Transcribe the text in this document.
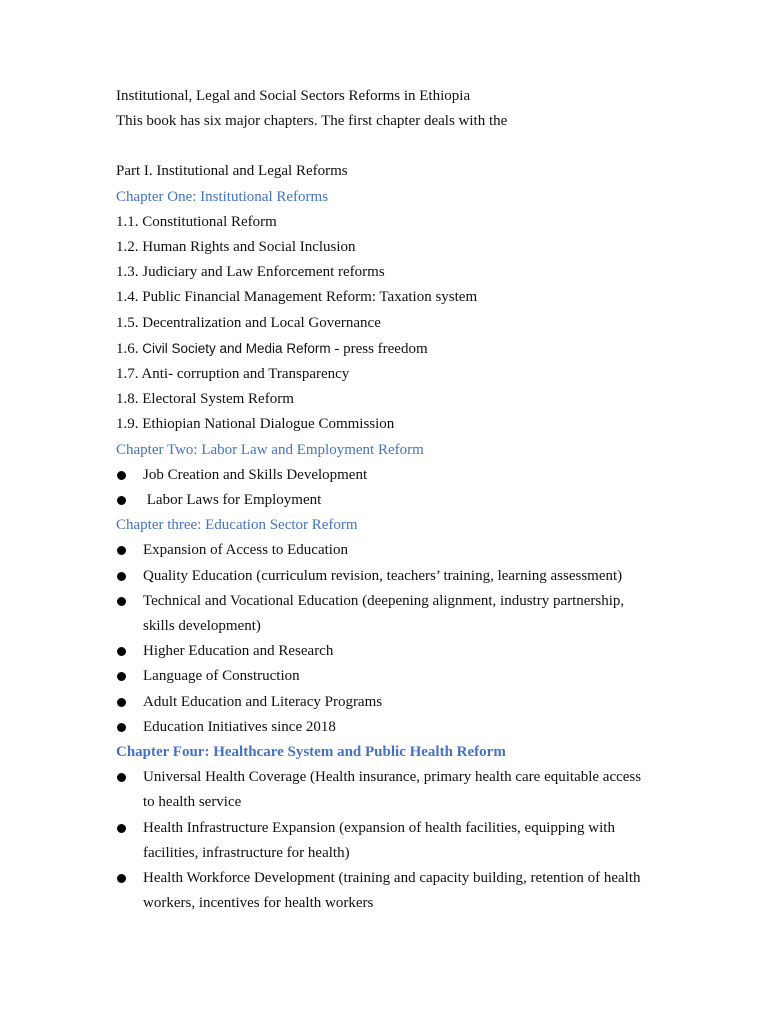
Institutional, Legal and Social Sectors Reforms in Ethiopia
This book has six major chapters. The first chapter deals with the
Part I. Institutional and Legal Reforms
Chapter One: Institutional Reforms
1.1. Constitutional Reform
1.2. Human Rights and Social Inclusion
1.3. Judiciary and Law Enforcement reforms
1.4. Public Financial Management Reform: Taxation system
1.5. Decentralization and Local Governance
1.6. Civil Society and Media Reform - press freedom
1.7. Anti- corruption and Transparency
1.8. Electoral System Reform
1.9. Ethiopian National Dialogue Commission
Chapter Two: Labor Law and Employment Reform
Job Creation and Skills Development
Labor Laws for Employment
Chapter three: Education Sector Reform
Expansion of Access to Education
Quality Education (curriculum revision, teachers’ training, learning assessment)
Technical and Vocational Education (deepening alignment, industry partnership, skills development)
Higher Education and Research
Language of Construction
Adult Education and Literacy Programs
Education Initiatives since 2018
Chapter Four: Healthcare System and Public Health Reform
Universal Health Coverage (Health insurance, primary health care equitable access to health service
Health Infrastructure Expansion (expansion of health facilities, equipping with facilities, infrastructure for health)
Health Workforce Development (training and capacity building, retention of health workers, incentives for health workers
